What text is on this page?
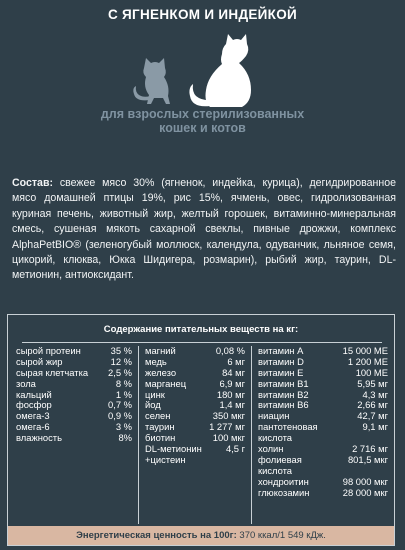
С ЯГНЕНКОМ И ИНДЕЙКОЙ
для взрослых стерилизованных
кошек и котов
Состав: свежее мясо 30% (ягненок, индейка, курица), дегидрированное мясо домашней птицы 19%, рис 15%, ячмень, овес, гидролизованная куриная печень, животный жир, желтый горошек, витаминно-минеральная смесь, сушеная мякоть сахарной свеклы, пивные дрожжи, комплекс AlphaPetBIO® (зеленогубый моллюск, календула, одуванчик, льняное семя, цикорий, клюква, Юкка Шидигера, розмарин), рыбий жир, таурин, DL-метионин, антиоксидант.
Содержание питательных веществ на кг:
сырой протеин	35 %
сырой жир	12 %
сырая клетчатка 2,5 %
зола	8 %
кальций	1 %
фосфор	0,7 %
омега-3	0,9 %
омега-6	3 %
влажность	8%
магний	0,08 %
медь	6 мг
железо	84 мг
марганец	6,9 мг
цинк	180 мг
йод	1,4 мг
селен	350 мкг
таурин	1 277 мг
биотин	100 мкг
DL-метионин	4,5 г
+цистеин
витамин А	15 000 МЕ
витамин D	1 200 МЕ
витамин Е	100 МЕ
витамин В1	5,95 мг
витамин В2	4,3 мг
витамин В6	2,66 мг
ниацин	42,7 мг
пантотеновая	9,1 мг
кислота
холин	2 716 мг
фолиевая	801,5 мкг
кислота
хондроитин	98 000 мкг
глюкозамин	28 000 мкг
Энергетическая ценность на 100г: 370 ккал/1 549 кДж.
